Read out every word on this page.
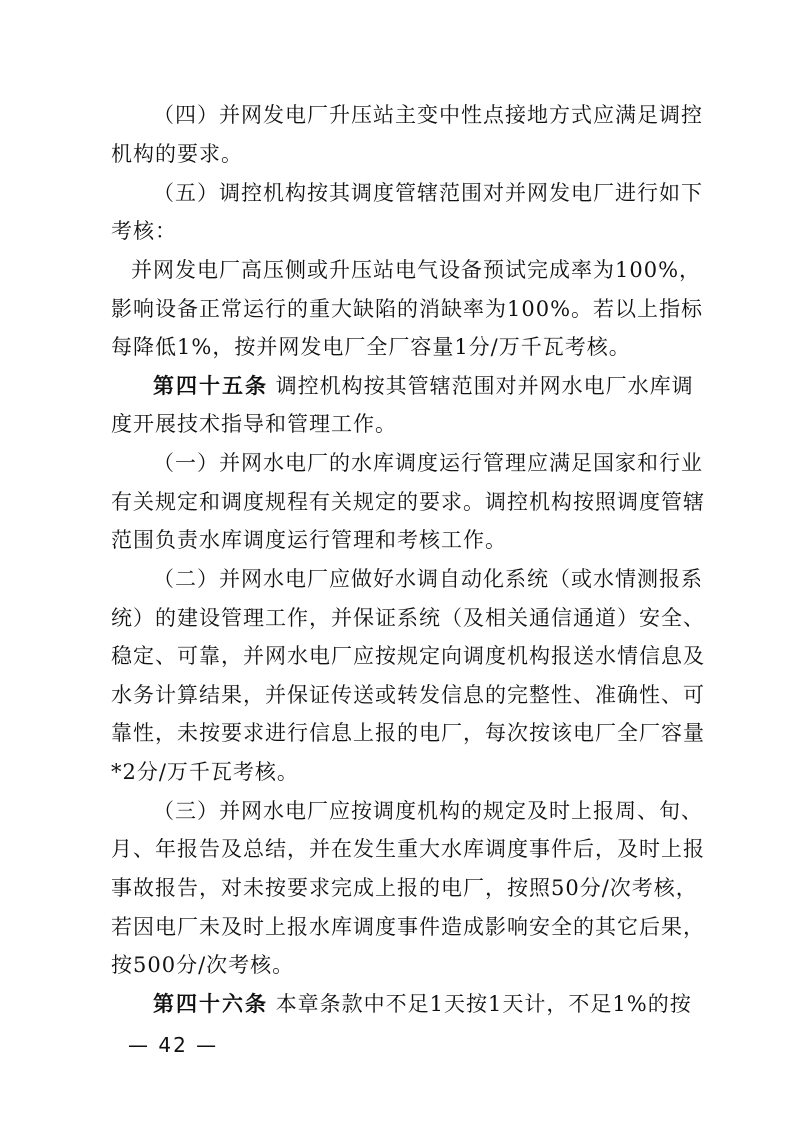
（四）并网发电厂升压站主变中性点接地方式应满足调控
机构的要求。
（五）调控机构按其调度管辖范围对并网发电厂进行如下
考核：
并网发电厂高压侧或升压站电气设备预试完成率为100%，
影响设备正常运行的重大缺陷的消缺率为100%。若以上指标
每降低1%，按并网发电厂全厂容量1分/万千瓦考核。
第四十五条 调控机构按其管辖范围对并网水电厂水库调
度开展技术指导和管理工作。
（一）并网水电厂的水库调度运行管理应满足国家和行业
有关规定和调度规程有关规定的要求。调控机构按照调度管辖
范围负责水库调度运行管理和考核工作。
（二）并网水电厂应做好水调自动化系统（或水情测报系
统）的建设管理工作，并保证系统（及相关通信通道）安全、
稳定、可靠，并网水电厂应按规定向调度机构报送水情信息及
水务计算结果，并保证传送或转发信息的完整性、准确性、可
靠性，未按要求进行信息上报的电厂，每次按该电厂全厂容量
*2分/万千瓦考核。
（三）并网水电厂应按调度机构的规定及时上报周、旬、
月、年报告及总结，并在发生重大水库调度事件后，及时上报
事故报告，对未按要求完成上报的电厂，按照50分/次考核，
若因电厂未及时上报水库调度事件造成影响安全的其它后果，
按500分/次考核。
第四十六条 本章条款中不足1天按1天计，不足1%的按
— 42 —
